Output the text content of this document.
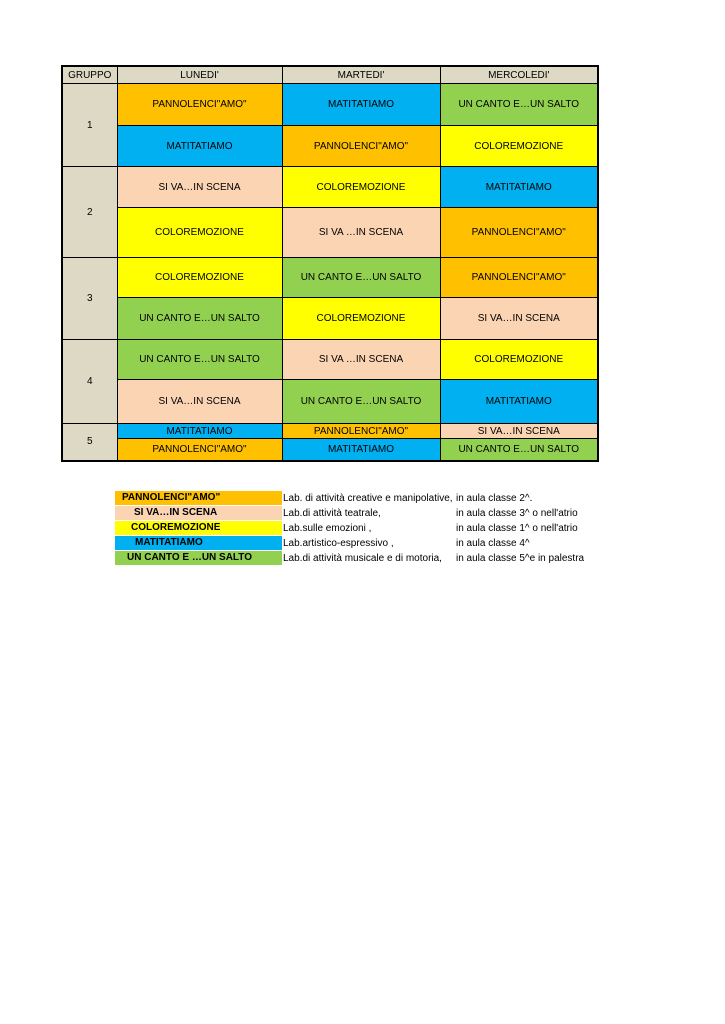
GRUPPO	LUNEDI'	MARTEDI'	MERCOLEDI'
1	PANNOLENCI"AMO"	MATITATIAMO	UN CANTO E…UN SALTO
	MATITATIAMO	PANNOLENCI"AMO"	COLOREMOZIONE
2	SI VA…IN SCENA	COLOREMOZIONE	MATITATIAMO
	COLOREMOZIONE	SI VA …IN SCENA	PANNOLENCI"AMO"
3	COLOREMOZIONE	UN CANTO E…UN SALTO	PANNOLENCI"AMO"
	UN CANTO E…UN SALTO	COLOREMOZIONE	SI VA…IN SCENA
4	UN CANTO E…UN SALTO	SI VA …IN SCENA	COLOREMOZIONE
	SI VA…IN SCENA	UN CANTO E…UN SALTO	MATITATIAMO
5	MATITATIAMO	PANNOLENCI"AMO"	SI VA…IN SCENA
	PANNOLENCI"AMO"	MATITATIAMO	UN CANTO E…UN SALTO
PANNOLENCI"AMO"	Lab. di attività creative e manipolative, in aula classe 2^.
SI VA…IN SCENA	Lab.di attività teatrale,	in aula classe 3^ o nell'atrio
COLOREMOZIONE	Lab.sulle emozioni ,	in aula classe 1^ o nell'atrio
MATITATIAMO	Lab.artistico-espressivo ,	in aula classe 4^
UN CANTO E …UN SALTO	Lab.di attività musicale e di motoria, in aula classe 5^e in palestra
